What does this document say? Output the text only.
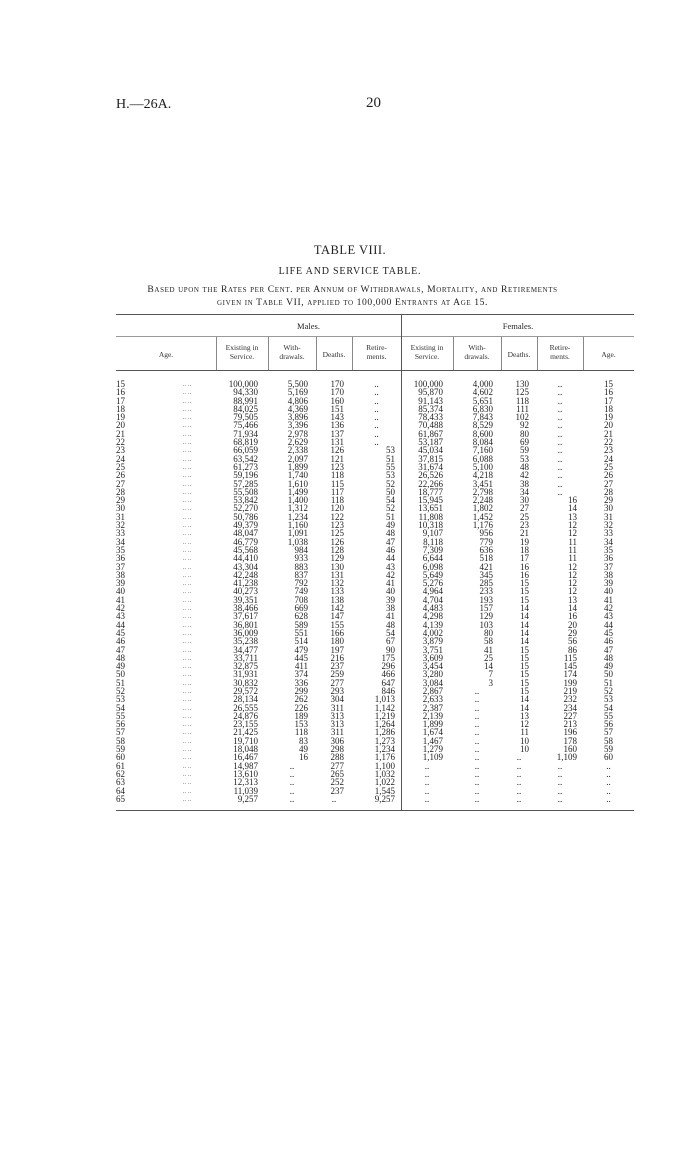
H.—26A.	20
TABLE VIII.
LIFE AND SERVICE TABLE.
Based upon the Rates per Cent. per Annum of Withdrawals, Mortality, and Retirements
given in Table VII, applied to 100,000 Entrants at Age 15.
Males.	Females.
Age.
Existing in
Service.
With-
drawals.	Deaths.
Retire-
ments.
Existing in
Service.
With-
drawals.	Deaths.
Retire-
ments.	Age.
15	.. ..	100,000	5,500	170	..	100,000	4,000	130	..	15
16	.. ..	94,330	5,169	170	..	95,870	4,602	125	..	16
17	.. ..	88,991	4,806	160	..	91,143	5,651	118	..	17
18	.. ..	84,025	4,369	151	..	85,374	6,830	111	..	18
19	.. ..	79,505	3,896	143	..	78,433	7,843	102	..	19
20	.. ..	75,466	3,396	136	..	70,488	8,529	92	..	20
21	.. ..	71,934	2,978	137	..	61,867	8,600	80	..	21
22	.. ..	68,819	2,629	131	..	53,187	8,084	69	..	22
23	.. ..	66,059	2,338	126	53	45,034	7,160	59	..	23
24	.. ..	63,542	2,097	121	51	37,815	6,088	53	..	24
25	.. ..	61,273	1,899	123	55	31,674	5,100	48	..	25
26	.. ..	59,196	1,740	118	53	26,526	4,218	42	..	26
27	.. ..	57,285	1,610	115	52	22,266	3,451	38	..	27
28	.. ..	55,508	1,499	117	50	18,777	2,798	34	..	28
29	.. ..	53,842	1,400	118	54	15,945	2,248	30	16	29
30	.. ..	52,270	1,312	120	52	13,651	1,802	27	14	30
31	.. ..	50,786	1,234	122	51	11,808	1,452	25	13	31
32	.. ..	49,379	1,160	123	49	10,318	1,176	23	12	32
33	.. ..	48,047	1,091	125	48	9,107	956	21	12	33
34	.. ..	46,779	1,038	126	47	8,118	779	19	11	34
35	.. ..	45,568	984	128	46	7,309	636	18	11	35
36	.. ..	44,410	933	129	44	6,644	518	17	11	36
37	.. ..	43,304	883	130	43	6,098	421	16	12	37
38	.. ..	42,248	837	131	42	5,649	345	16	12	38
39	.. ..	41,238	792	132	41	5,276	285	15	12	39
40	.. ..	40,273	749	133	40	4,964	233	15	12	40
41	.. ..	39,351	708	138	39	4,704	193	15	13	41
42	.. ..	38,466	669	142	38	4,483	157	14	14	42
43	.. ..	37,617	628	147	41	4,298	129	14	16	43
44	.. ..	36,801	589	155	48	4,139	103	14	20	44
45	.. ..	36,009	551	166	54	4,002	80	14	29	45
46	.. ..	35,238	514	180	67	3,879	58	14	56	46
47	.. ..	34,477	479	197	90	3,751	41	15	86	47
48	.. ..	33,711	445	216	175	3,609	25	15	115	48
49	.. ..	32,875	411	237	296	3,454	14	15	145	49
50	.. ..	31,931	374	259	466	3,280	7	15	174	50
51	.. ..	30,832	336	277	647	3,084	3	15	199	51
52	.. ..	29,572	299	293	846	2,867	..	15	219	52
53	.. ..	28,134	262	304	1,013	2,633	..	14	232	53
54	.. ..	26,555	226	311	1,142	2,387	..	14	234	54
55	.. ..	24,876	189	313	1,219	2,139	..	13	227	55
56	.. ..	23,155	153	313	1,264	1,899	..	12	213	56
57	.. ..	21,425	118	311	1,286	1,674	..	11	196	57
58	.. ..	19,710	83	306	1,273	1,467	..	10	178	58
59	.. ..	18,048	49	298	1,234	1,279	..	10	160	59
60	.. ..	16,467	16	288	1,176	1,109	..	..	1,109	60
61	.. ..	14,987	..	277	1,100	..	..	..	..	..
62	.. ..	13,610	..	265	1,032	..	..	..	..	..
63	.. ..	12,313	..	252	1,022	..	..	..	..	..
64	.. ..	11,039	..	237	1,545	..	..	..	..	..
65	.. ..	9,257	..	..	9,257	..	..	..	..	..
